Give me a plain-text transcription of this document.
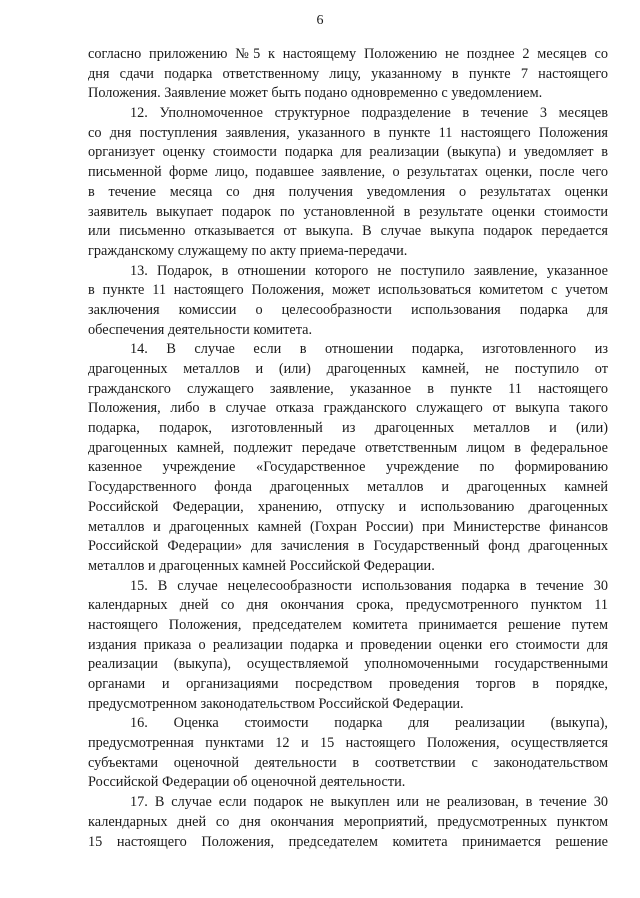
6
согласно приложению №5 к настоящему Положению не позднее 2 месяцев со
дня сдачи подарка ответственному лицу, указанному в пункте 7 настоящего
Положения. Заявление может быть подано одновременно с уведомлением.
12. Уполномоченное структурное подразделение в течение 3 месяцев
со дня поступления заявления, указанного в пункте 11 настоящего Положения
организует оценку стоимости подарка для реализации (выкупа) и уведомляет в
письменной форме лицо, подавшее заявление, о результатах оценки, после чего
в течение месяца со дня получения уведомления о результатах оценки
заявитель выкупает подарок по установленной в результате оценки стоимости
или письменно отказывается от выкупа. В случае выкупа подарок передается
гражданскому служащему по акту приема-передачи.
13. Подарок, в отношении которого не поступило заявление, указанное
в пункте 11 настоящего Положения, может использоваться комитетом с учетом
заключения комиссии о целесообразности использования подарка для
обеспечения деятельности комитета.
14. В случае если в отношении подарка, изготовленного из
драгоценных металлов и (или) драгоценных камней, не поступило от
гражданского служащего заявление, указанное в пункте 11 настоящего
Положения, либо в случае отказа гражданского служащего от выкупа такого
подарка, подарок, изготовленный из драгоценных металлов и (или)
драгоценных камней, подлежит передаче ответственным лицом в федеральное
казенное учреждение «Государственное учреждение по формированию
Государственного фонда драгоценных металлов и драгоценных камней
Российской Федерации, хранению, отпуску и использованию драгоценных
металлов и драгоценных камней (Гохран России) при Министерстве финансов
Российской Федерации» для зачисления в Государственный фонд драгоценных
металлов и драгоценных камней Российской Федерации.
15. В случае нецелесообразности использования подарка в течение 30
календарных дней со дня окончания срока, предусмотренного пунктом 11
настоящего Положения, председателем комитета принимается решение путем
издания приказа о реализации подарка и проведении оценки его стоимости для
реализации (выкупа), осуществляемой уполномоченными государственными
органами и организациями посредством проведения торгов в порядке,
предусмотренном законодательством Российской Федерации.
16. Оценка стоимости подарка для реализации (выкупа),
предусмотренная пунктами 12 и 15 настоящего Положения, осуществляется
субъектами оценочной деятельности в соответствии с законодательством
Российской Федерации об оценочной деятельности.
17. В случае если подарок не выкуплен или не реализован, в течение 30
календарных дней со дня окончания мероприятий, предусмотренных пунктом
15 настоящего Положения, председателем комитета принимается решение
